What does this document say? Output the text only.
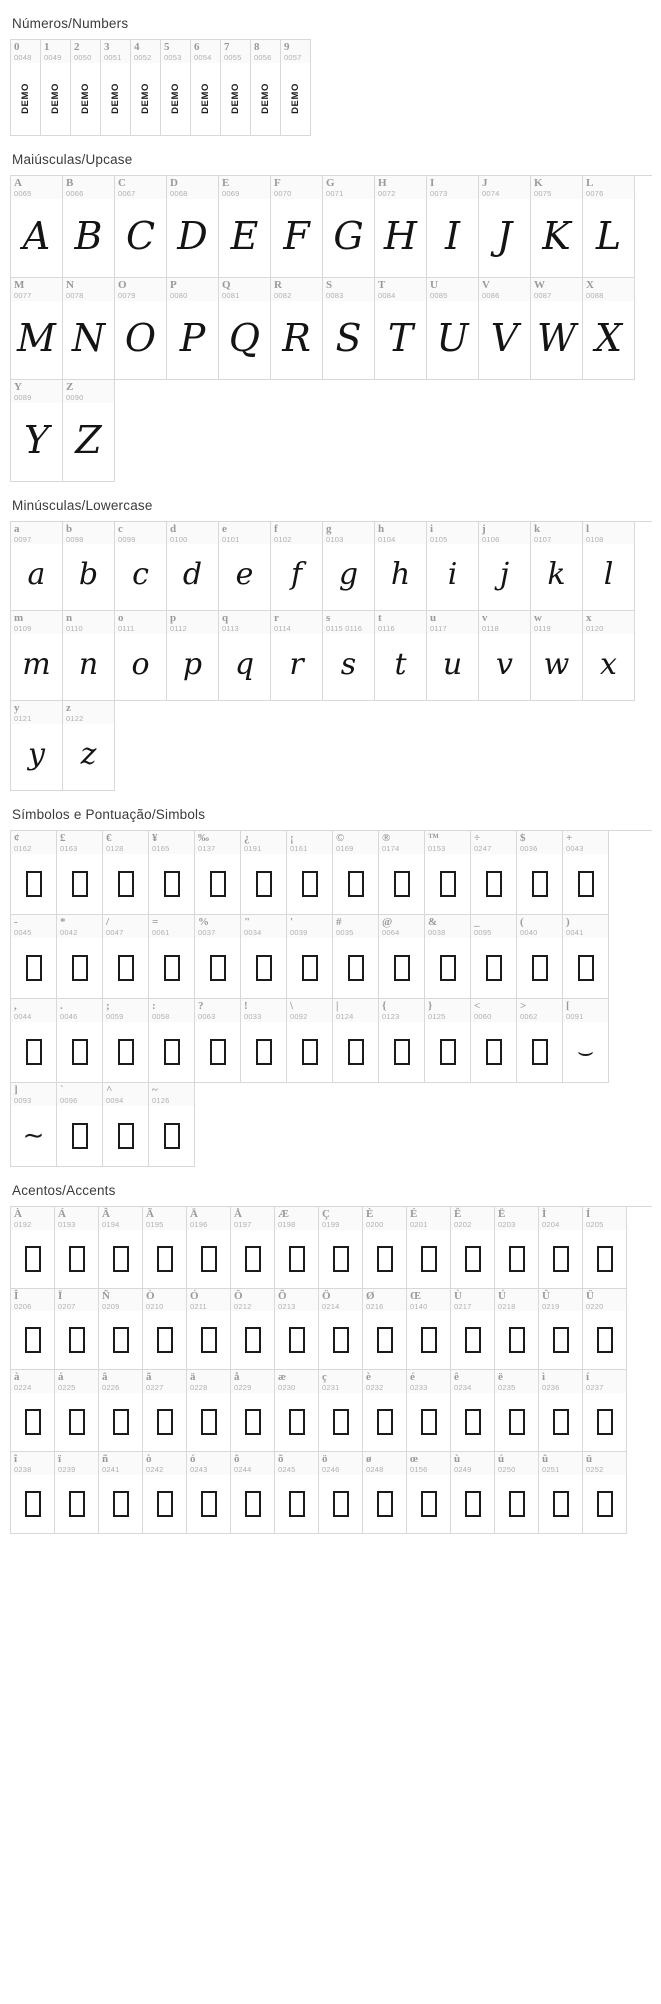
Números/Numbers
0
0048
DEMO
1
0049
DEMO
2
0050
DEMO
3
0051
DEMO
4
0052
DEMO
5
0053
DEMO
6
0054
DEMO
7
0055
DEMO
8
0056
DEMO
9
0057
DEMO
Maiúsculas/Upcase
A
0065
A
B
0066
B
C
0067
C
D
0068
D
E
0069
E
F
0070
F
G
0071
G
H
0072
H
I
0073
I
J
0074
J
K
0075
K
L
0076
L
M
0077
M
N
0078
N
O
0079
O
P
0080
P
Q
0081
Q
R
0082
R
S
0083
S
T
0084
T
U
0085
U
V
0086
V
W
0087
W
X
0088
X
Y
0089
Y
Z
0090
Z
Minúsculas/Lowercase
a
0097
a
b
0098
b
c
0099
c
d
0100
d
e
0101
e
f
0102
f
g
0103
g
h
0104
h
i
0105
i
j
0106
j
k
0107
k
l
0108
l
m
0109
m
n
0110
n
o
0111
o
p
0112
p
q
0113
q
r
0114
r
s
0115 0116
s
t
0116
t
u
0117
u
v
0118
v
w
0119
w
x
0120
x
y
0121
y
z
0122
z
Símbolos e Pontuação/Simbols
¢
0162
£
0163
€
0128
¥
0165
‰
0137
¿
0191
¡
0161
©
0169
®
0174
™
0153
÷
0247
$
0036
+
0043
-
0045
*
0042
/
0047
=
0061
%
0037
"
0034
'
0039
#
0035
@
0064
&
0038
_
0095
(
0040
)
0041
,
0044
.
0046
;
0059
:
0058
?
0063
!
0033
\
0092
|
0124
{
0123
}
0125
<
0060
>
0062
[
0091
⌣
]
0093
∼
`
0096
^
0094
~
0126
Acentos/Accents
À
0192
Á
0193
Â
0194
Ã
0195
Ä
0196
Å
0197
Æ
0198
Ç
0199
È
0200
É
0201
Ê
0202
Ë
0203
Ì
0204
Í
0205
Î
0206
Ï
0207
Ñ
0209
Ò
0210
Ó
0211
Ô
0212
Õ
0213
Ö
0214
Ø
0216
Œ
0140
Ù
0217
Ú
0218
Û
0219
Ü
0220
à
0224
á
0225
â
0226
ã
0227
ä
0228
å
0229
æ
0230
ç
0231
è
0232
é
0233
ê
0234
ë
0235
ì
0236
í
0237
î
0238
ï
0239
ñ
0241
ò
0242
ó
0243
ô
0244
õ
0245
ö
0246
ø
0248
œ
0156
ù
0249
ú
0250
û
0251
ü
0252
